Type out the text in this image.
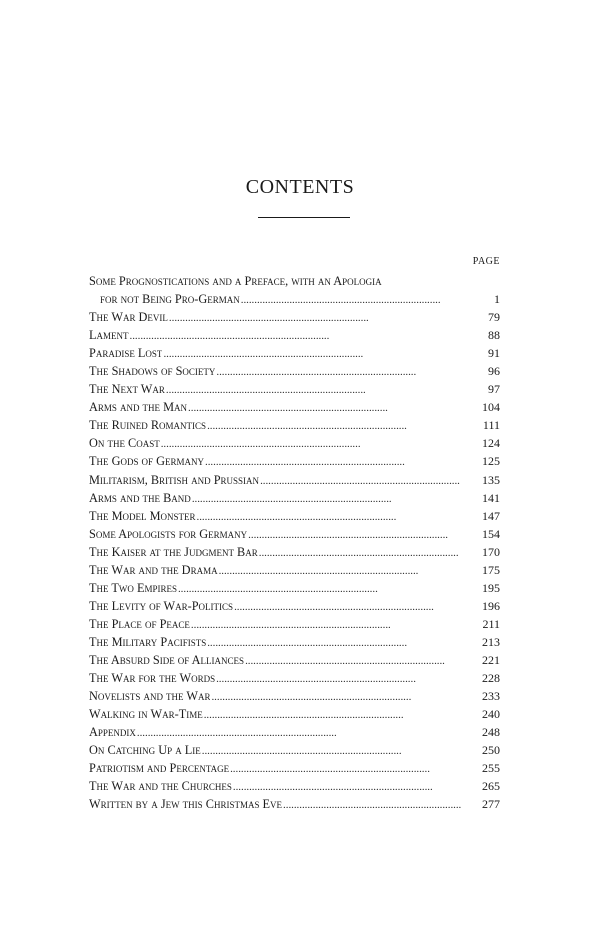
CONTENTS
PAGE
Some Prognostications and a Preface, with an Apologia
for not Being Pro-German . . .	1
The War Devil . . .	79
Lament . . .	88
Paradise Lost . . .	91
The Shadows of Society . . .	96
The Next War . . .	97
Arms and the Man . . .	104
The Ruined Romantics . . .	111
On the Coast . . .	124
The Gods of Germany . . .	125
Militarism, British and Prussian . . .	135
Arms and the Band . . .	141
The Model Monster . . .	147
Some Apologists for Germany . . .	154
The Kaiser at the Judgment Bar . . .	170
The War and the Drama . . .	175
The Two Empires . . .	195
The Levity of War-Politics . . .	196
The Place of Peace . . .	211
The Military Pacifists . . .	213
The Absurd Side of Alliances . . .	221
The War for the Words . . .	228
Novelists and the War . . .	233
Walking in War-Time . . .	240
Appendix . . .	248
On Catching Up a Lie . . .	250
Patriotism and Percentage . . .	255
The War and the Churches . . .	265
Written by a Jew this Christmas Eve . . .	277
